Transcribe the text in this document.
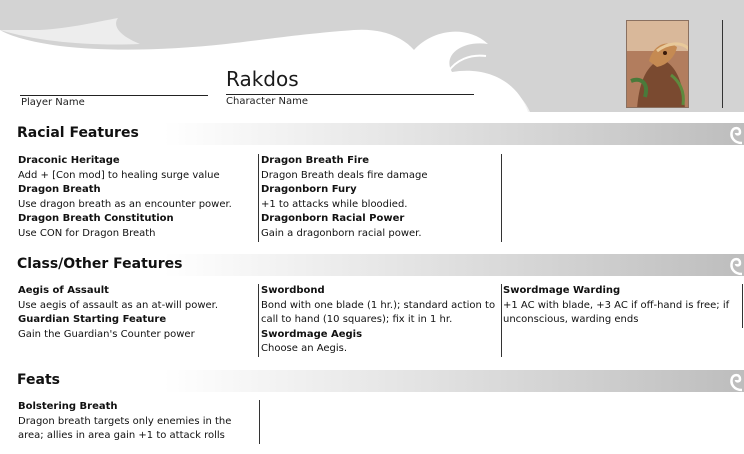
Rakdos
Player Name	Character Name
Racial Features
Draconic Heritage
Add + [Con mod] to healing surge value
Dragon Breath
Use dragon breath as an encounter power.
Dragon Breath Constitution
Use CON for Dragon Breath
Dragon Breath Fire
Dragon Breath deals fire damage
Dragonborn Fury
+1 to attacks while bloodied.
Dragonborn Racial Power
Gain a dragonborn racial power.
Class/Other Features
Aegis of Assault
Use aegis of assault as an at-will power.
Guardian Starting Feature
Gain the Guardian's Counter power
Swordbond
Bond with one blade (1 hr.); standard action to call to hand (10 squares); fix it in 1 hr.
Swordmage Aegis
Choose an Aegis.
Swordmage Warding
+1 AC with blade, +3 AC if off-hand is free; if unconscious, warding ends
Feats
Bolstering Breath
Dragon breath targets only enemies in the area; allies in area gain +1 to attack rolls
